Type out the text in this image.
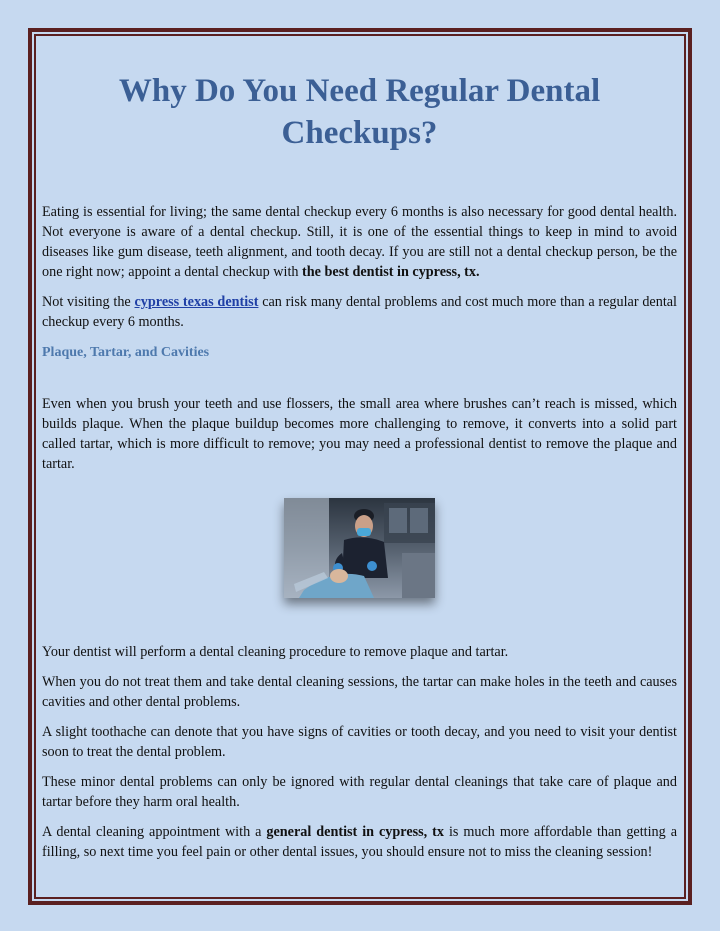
Why Do You Need Regular Dental Checkups?

Eating is essential for living; the same dental checkup every 6 months is also necessary for good dental health. Not everyone is aware of a dental checkup. Still, it is one of the essential things to keep in mind to avoid diseases like gum disease, teeth alignment, and tooth decay. If you are still not a dental checkup person, be the one right now; appoint a dental checkup with the best dentist in cypress, tx.

Not visiting the cypress texas dentist can risk many dental problems and cost much more than a regular dental checkup every 6 months.

Plaque, Tartar, and Cavities

Even when you brush your teeth and use flossers, the small area where brushes can’t reach is missed, which builds plaque. When the plaque buildup becomes more challenging to remove, it converts into a solid part called tartar, which is more difficult to remove; you may need a professional dentist to remove the plaque and tartar.

Your dentist will perform a dental cleaning procedure to remove plaque and tartar.

When you do not treat them and take dental cleaning sessions, the tartar can make holes in the teeth and causes cavities and other dental problems.

A slight toothache can denote that you have signs of cavities or tooth decay, and you need to visit your dentist soon to treat the dental problem.

These minor dental problems can only be ignored with regular dental cleanings that take care of plaque and tartar before they harm oral health.

A dental cleaning appointment with a general dentist in cypress, tx is much more affordable than getting a filling, so next time you feel pain or other dental issues, you should ensure not to miss the cleaning session!
